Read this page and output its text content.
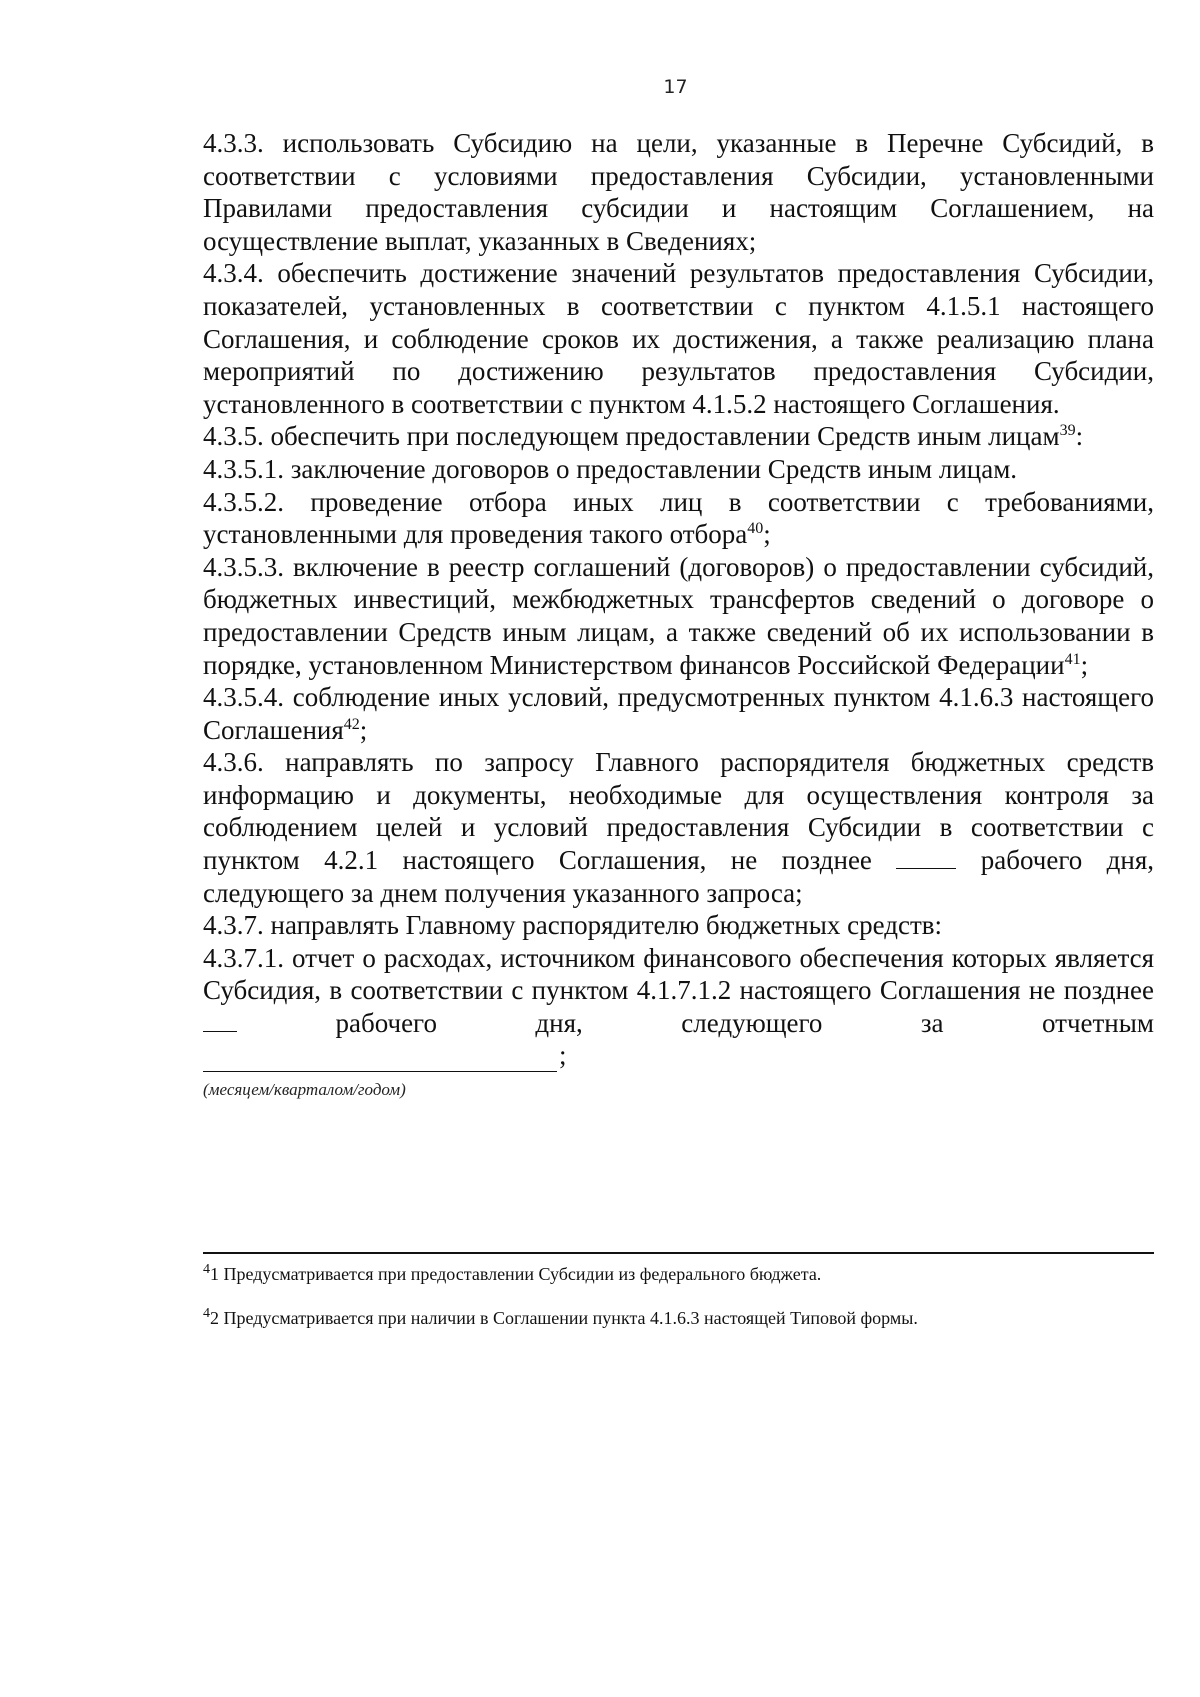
17

4.3.3. использовать Субсидию на цели, указанные в Перечне Субсидий, в соответствии с условиями предоставления Субсидии, установленными Правилами предоставления субсидии и настоящим Соглашением, на осуществление выплат, указанных в Сведениях;

4.3.4. обеспечить достижение значений результатов предоставления Субсидии, показателей, установленных в соответствии с пунктом 4.1.5.1 настоящего Соглашения, и соблюдение сроков их достижения, а также реализацию плана мероприятий по достижению результатов предоставления Субсидии, установленного в соответствии с пунктом 4.1.5.2 настоящего Соглашения.

4.3.5. обеспечить при последующем предоставлении Средств иным лицам$^{39}$:

4.3.5.1. заключение договоров о предоставлении Средств иным лицам.

4.3.5.2. проведение отбора иных лиц в соответствии с требованиями, установленными для проведения такого отбора$^{40}$;

4.3.5.3. включение в реестр соглашений (договоров) о предоставлении субсидий, бюджетных инвестиций, межбюджетных трансфертов сведений о договоре о предоставлении Средств иным лицам, а также сведений об их использовании в порядке, установленном Министерством финансов Российской Федерации$^{41}$;

4.3.5.4. соблюдение иных условий, предусмотренных пунктом 4.1.6.3 настоящего Соглашения$^{42}$;

4.3.6. направлять по запросу Главного распорядителя бюджетных средств информацию и документы, необходимые для осуществления контроля за соблюдением целей и условий предоставления Субсидии в соответствии с пунктом 4.2.1 настоящего Соглашения, не позднее	рабочего дня, следующего за днем получения указанного запроса;

4.3.7. направлять Главному распорядителю бюджетных средств:

4.3.7.1. отчет о расходах, источником финансового обеспечения которых является Субсидия, в соответствии с пунктом 4.1.7.1.2 настоящего Соглашения не позднее  рабочего дня, следующего за отчетным

;
(месяцем/кварталом/годом)

$^4$1 Предусматривается при предоставлении Субсидии из федерального бюджета.

$^4$2 Предусматривается при наличии в Соглашении пункта 4.1.6.3 настоящей Типовой формы.
